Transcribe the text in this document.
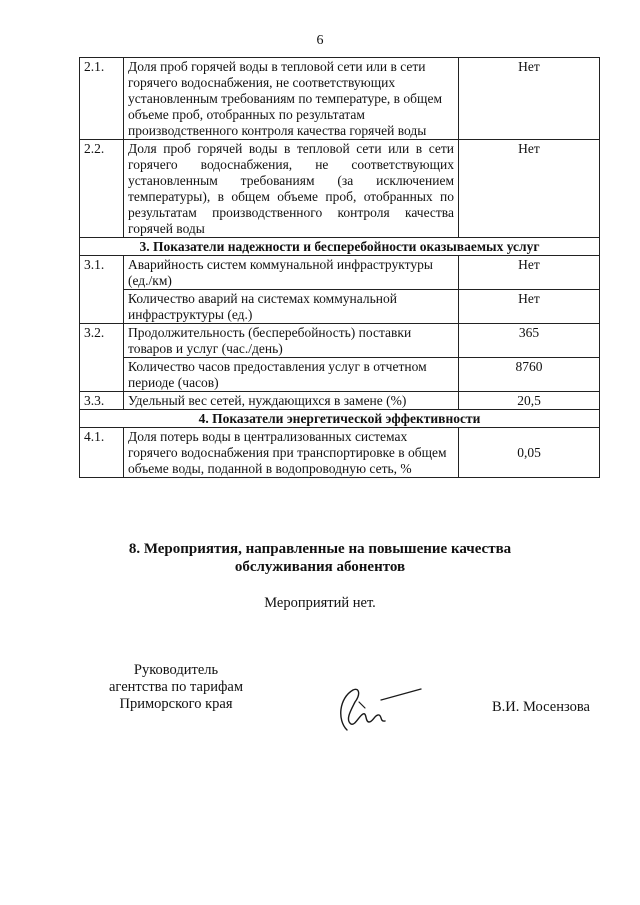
6
2.1.	Доля проб горячей воды в тепловой сети или в сети горячего водоснабжения, не соответствующих установленным требованиям по температуре, в общем объеме проб, отобранных по результатам производственного контроля качества горячей воды	Нет
2.2.	Доля проб горячей воды в тепловой сети или в сети горячего водоснабжения, не соответствующих установленным требованиям (за исключением температуры), в общем объеме проб, отобранных по результатам производственного контроля качества горячей воды	Нет
3. Показатели надежности и бесперебойности оказываемых услуг		
3.1.	Аварийность систем коммунальной инфраструктуры (ед./км)	Нет
	Количество аварий на системах коммунальной инфраструктуры (ед.)	Нет
3.2.	Продолжительность (бесперебойность) поставки товаров и услуг (час./день)	365
	Количество часов предоставления услуг в отчетном периоде (часов)	8760
3.3.	Удельный вес сетей, нуждающихся в замене (%)	20,5
4. Показатели энергетической эффективности		
4.1.	Доля потерь воды в централизованных системах горячего водоснабжения при транспортировке в общем объеме воды, поданной в водопроводную сеть, %	0,05
8. Мероприятия, направленные на повышение качества
обслуживания абонентов
Мероприятий нет.
Руководитель
агентства по тарифам
Приморского края	В.И. Мосензова
